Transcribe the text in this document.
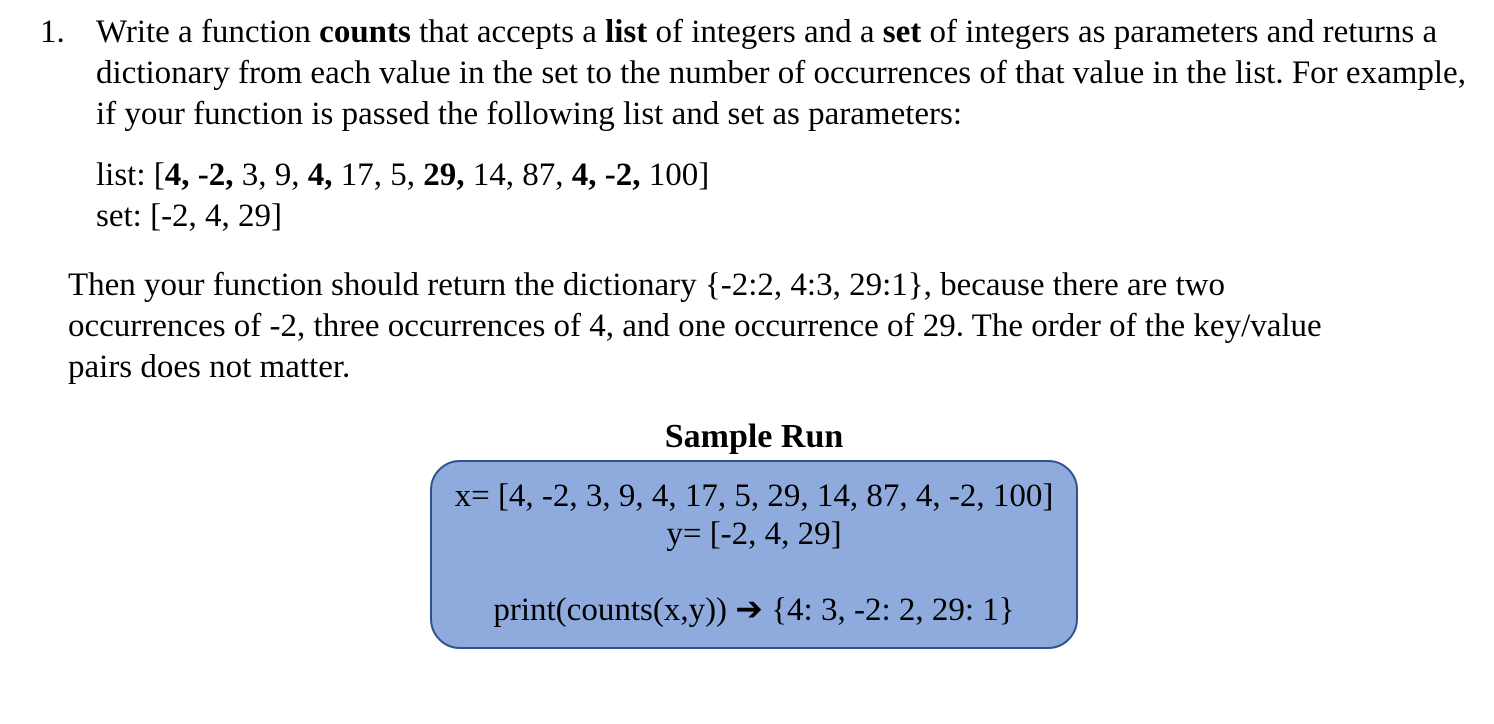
1. Write a function counts that accepts a list of integers and a set of integers as parameters and returns a dictionary from each value in the set to the number of occurrences of that value in the list. For example, if your function is passed the following list and set as parameters:
list: [4, -2, 3, 9, 4, 17, 5, 29, 14, 87, 4, -2, 100]
set: [-2, 4, 29]
Then your function should return the dictionary {-2:2, 4:3, 29:1}, because there are two occurrences of -2, three occurrences of 4, and one occurrence of 29. The order of the key/value pairs does not matter.
Sample Run
x= [4, -2, 3, 9, 4, 17, 5, 29, 14, 87, 4, -2, 100]
y= [-2, 4, 29]
print(counts(x,y)) ➔ {4: 3, -2: 2, 29: 1}
